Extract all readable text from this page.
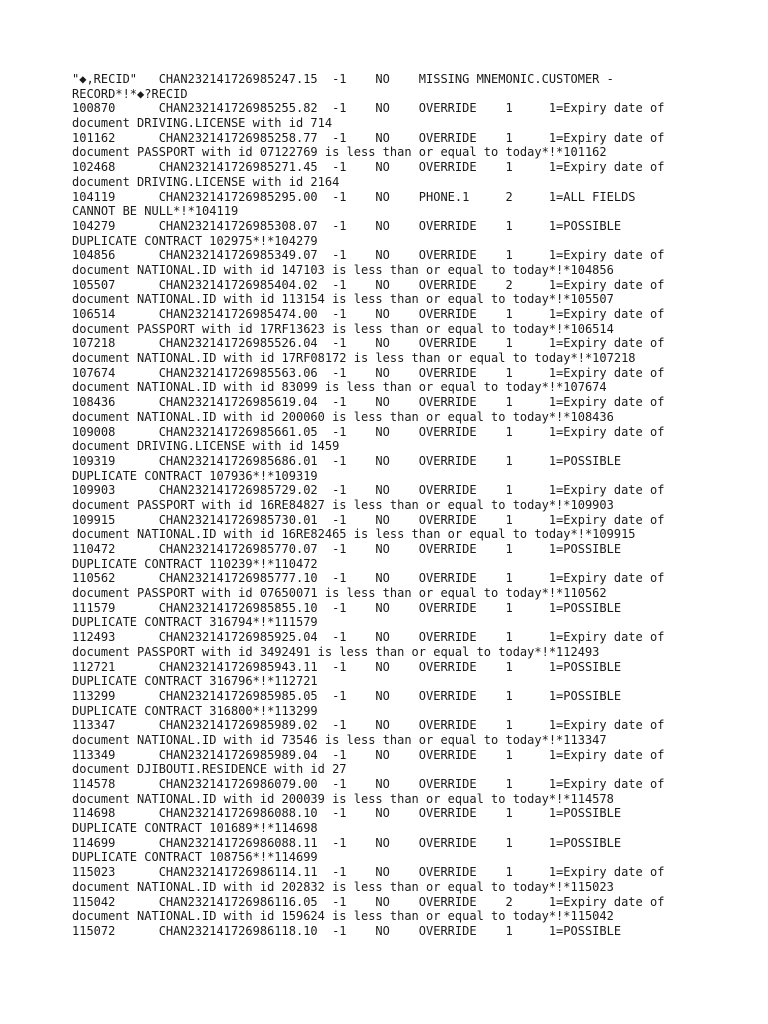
"◆,RECID"   CHAN232141726985247.15  -1    NO    MISSING MNEMONIC.CUSTOMER -
RECORD*!*◆?RECID
100870      CHAN232141726985255.82  -1    NO    OVERRIDE    1     1=Expiry date of
document DRIVING.LICENSE with id 714
101162      CHAN232141726985258.77  -1    NO    OVERRIDE    1     1=Expiry date of
document PASSPORT with id 07122769 is less than or equal to today*!*101162
102468      CHAN232141726985271.45  -1    NO    OVERRIDE    1     1=Expiry date of
document DRIVING.LICENSE with id 2164
104119      CHAN232141726985295.00  -1    NO    PHONE.1     2     1=ALL FIELDS
CANNOT BE NULL*!*104119
104279      CHAN232141726985308.07  -1    NO    OVERRIDE    1     1=POSSIBLE
DUPLICATE CONTRACT 102975*!*104279
104856      CHAN232141726985349.07  -1    NO    OVERRIDE    1     1=Expiry date of
document NATIONAL.ID with id 147103 is less than or equal to today*!*104856
105507      CHAN232141726985404.02  -1    NO    OVERRIDE    2     1=Expiry date of
document NATIONAL.ID with id 113154 is less than or equal to today*!*105507
106514      CHAN232141726985474.00  -1    NO    OVERRIDE    1     1=Expiry date of
document PASSPORT with id 17RF13623 is less than or equal to today*!*106514
107218      CHAN232141726985526.04  -1    NO    OVERRIDE    1     1=Expiry date of
document NATIONAL.ID with id 17RF08172 is less than or equal to today*!*107218
107674      CHAN232141726985563.06  -1    NO    OVERRIDE    1     1=Expiry date of
document NATIONAL.ID with id 83099 is less than or equal to today*!*107674
108436      CHAN232141726985619.04  -1    NO    OVERRIDE    1     1=Expiry date of
document NATIONAL.ID with id 200060 is less than or equal to today*!*108436
109008      CHAN232141726985661.05  -1    NO    OVERRIDE    1     1=Expiry date of
document DRIVING.LICENSE with id 1459
109319      CHAN232141726985686.01  -1    NO    OVERRIDE    1     1=POSSIBLE
DUPLICATE CONTRACT 107936*!*109319
109903      CHAN232141726985729.02  -1    NO    OVERRIDE    1     1=Expiry date of
document PASSPORT with id 16RE84827 is less than or equal to today*!*109903
109915      CHAN232141726985730.01  -1    NO    OVERRIDE    1     1=Expiry date of
document NATIONAL.ID with id 16RE82465 is less than or equal to today*!*109915
110472      CHAN232141726985770.07  -1    NO    OVERRIDE    1     1=POSSIBLE
DUPLICATE CONTRACT 110239*!*110472
110562      CHAN232141726985777.10  -1    NO    OVERRIDE    1     1=Expiry date of
document PASSPORT with id 07650071 is less than or equal to today*!*110562
111579      CHAN232141726985855.10  -1    NO    OVERRIDE    1     1=POSSIBLE
DUPLICATE CONTRACT 316794*!*111579
112493      CHAN232141726985925.04  -1    NO    OVERRIDE    1     1=Expiry date of
document PASSPORT with id 3492491 is less than or equal to today*!*112493
112721      CHAN232141726985943.11  -1    NO    OVERRIDE    1     1=POSSIBLE
DUPLICATE CONTRACT 316796*!*112721
113299      CHAN232141726985985.05  -1    NO    OVERRIDE    1     1=POSSIBLE
DUPLICATE CONTRACT 316800*!*113299
113347      CHAN232141726985989.02  -1    NO    OVERRIDE    1     1=Expiry date of
document NATIONAL.ID with id 73546 is less than or equal to today*!*113347
113349      CHAN232141726985989.04  -1    NO    OVERRIDE    1     1=Expiry date of
document DJIBOUTI.RESIDENCE with id 27
114578      CHAN232141726986079.00  -1    NO    OVERRIDE    1     1=Expiry date of
document NATIONAL.ID with id 200039 is less than or equal to today*!*114578
114698      CHAN232141726986088.10  -1    NO    OVERRIDE    1     1=POSSIBLE
DUPLICATE CONTRACT 101689*!*114698
114699      CHAN232141726986088.11  -1    NO    OVERRIDE    1     1=POSSIBLE
DUPLICATE CONTRACT 108756*!*114699
115023      CHAN232141726986114.11  -1    NO    OVERRIDE    1     1=Expiry date of
document NATIONAL.ID with id 202832 is less than or equal to today*!*115023
115042      CHAN232141726986116.05  -1    NO    OVERRIDE    2     1=Expiry date of
document NATIONAL.ID with id 159624 is less than or equal to today*!*115042
115072      CHAN232141726986118.10  -1    NO    OVERRIDE    1     1=POSSIBLE
